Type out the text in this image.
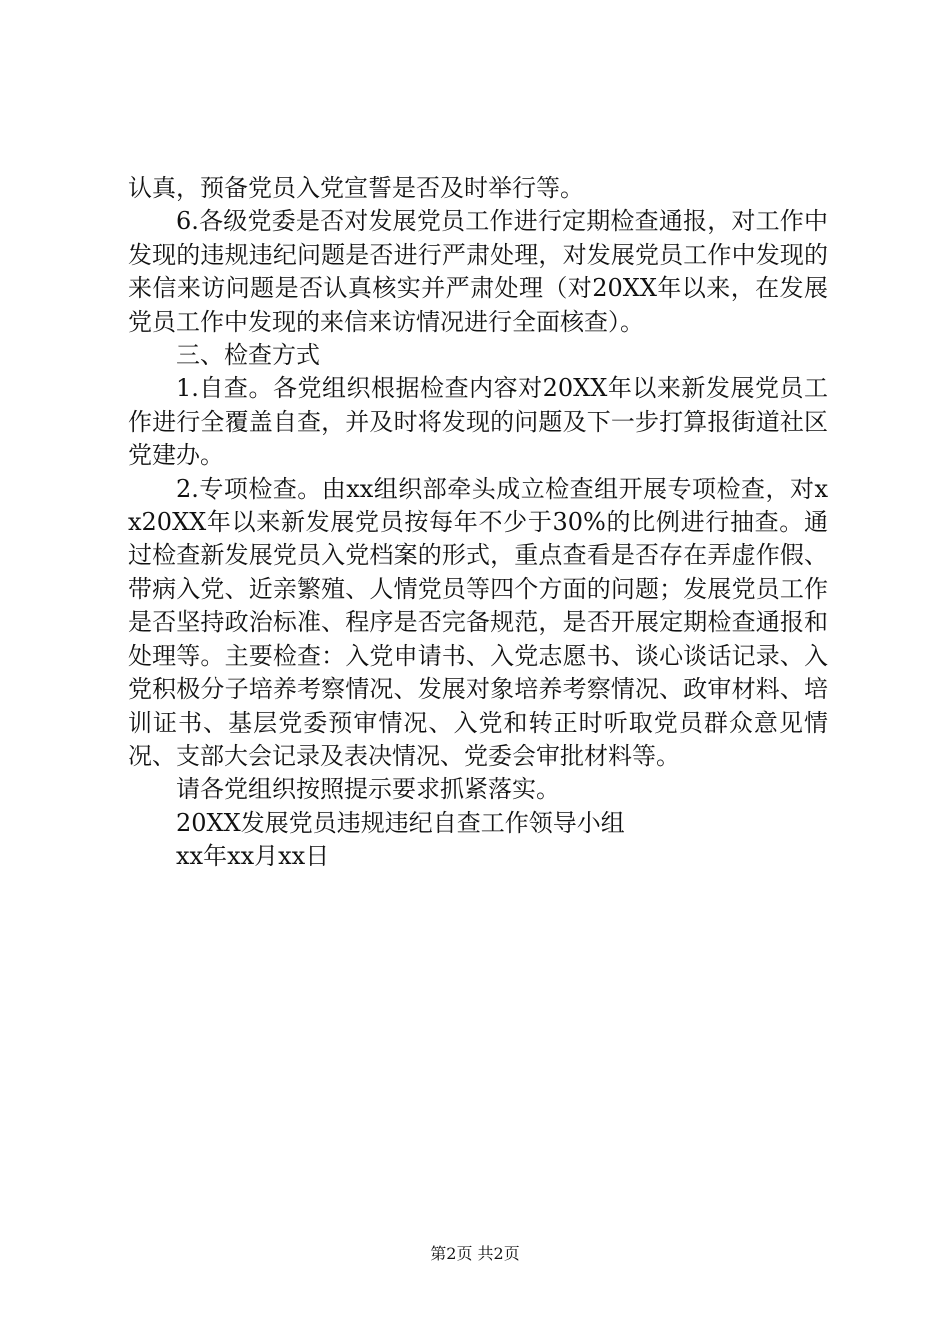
认真，预备党员入党宣誓是否及时举行等。

6.各级党委是否对发展党员工作进行定期检查通报，对工作中发现的违规违纪问题是否进行严肃处理，对发展党员工作中发现的来信来访问题是否认真核实并严肃处理（对20XX年以来，在发展党员工作中发现的来信来访情况进行全面核查）。

三、检查方式

1.自查。各党组织根据检查内容对20XX年以来新发展党员工作进行全覆盖自查，并及时将发现的问题及下一步打算报街道社区党建办。

2.专项检查。由xx组织部牵头成立检查组开展专项检查，对xx20XX年以来新发展党员按每年不少于30%的比例进行抽查。通过检查新发展党员入党档案的形式，重点查看是否存在弄虚作假、带病入党、近亲繁殖、人情党员等四个方面的问题；发展党员工作是否坚持政治标准、程序是否完备规范，是否开展定期检查通报和处理等。主要检查：入党申请书、入党志愿书、谈心谈话记录、入党积极分子培养考察情况、发展对象培养考察情况、政审材料、培训证书、基层党委预审情况、入党和转正时听取党员群众意见情况、支部大会记录及表决情况、党委会审批材料等。

请各党组织按照提示要求抓紧落实。

20XX发展党员违规违纪自查工作领导小组

xx年xx月xx日

第2页 共2页
